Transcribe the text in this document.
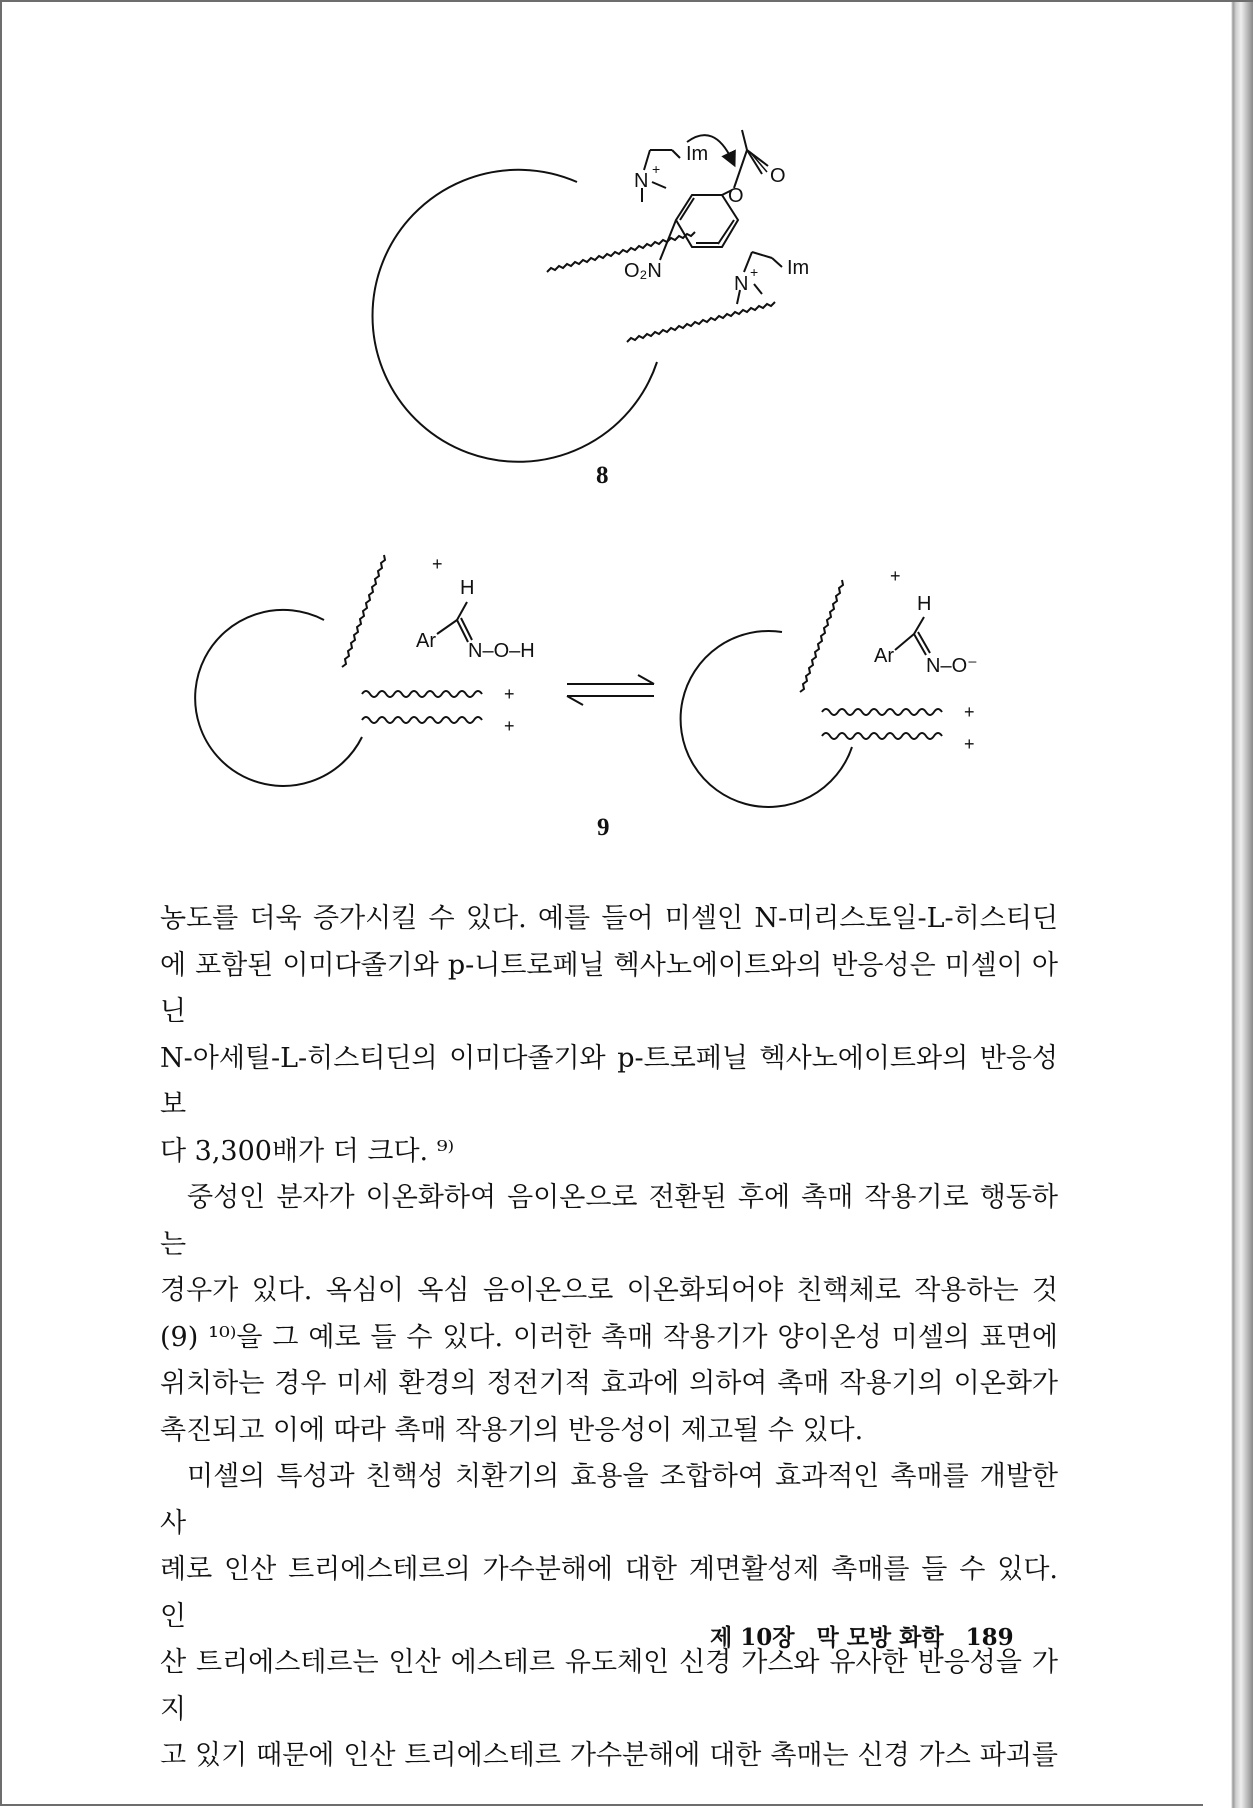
Im
N
+
O
O
O₂N	Im
N
+
+
H
Ar N–O–H
+
+
+
H
Ar N–O⁻
+
+
8
9

농도를 더욱 증가시킬 수 있다. 예를 들어 미셀인 N-미리스토일-L-히스티딘

에 포함된 이미다졸기와 p-니트로페닐 헥사노에이트와의 반응성은 미셀이 아닌

N-아세틸-L-히스티딘의 이미다졸기와 p-트로페닐 헥사노에이트와의 반응성보

다 3,300배가 더 크다. ⁹⁾

중성인 분자가 이온화하여 음이온으로 전환된 후에 촉매 작용기로 행동하는

경우가 있다. 옥심이 옥심 음이온으로 이온화되어야 친핵체로 작용하는 것

(9) ¹⁰⁾을 그 예로 들 수 있다. 이러한 촉매 작용기가 양이온성 미셀의 표면에

위치하는 경우 미세 환경의 정전기적 효과에 의하여 촉매 작용기의 이온화가

촉진되고 이에 따라 촉매 작용기의 반응성이 제고될 수 있다.

미셀의 특성과 친핵성 치환기의 효용을 조합하여 효과적인 촉매를 개발한 사

례로 인산 트리에스테르의 가수분해에 대한 계면활성제 촉매를 들 수 있다. 인

산 트리에스테르는 인산 에스테르 유도체인 신경 가스와 유사한 반응성을 가지

고 있기 때문에 인산 트리에스테르 가수분해에 대한 촉매는 신경 가스 파괴를

제 10장 막 모방 화학 189
